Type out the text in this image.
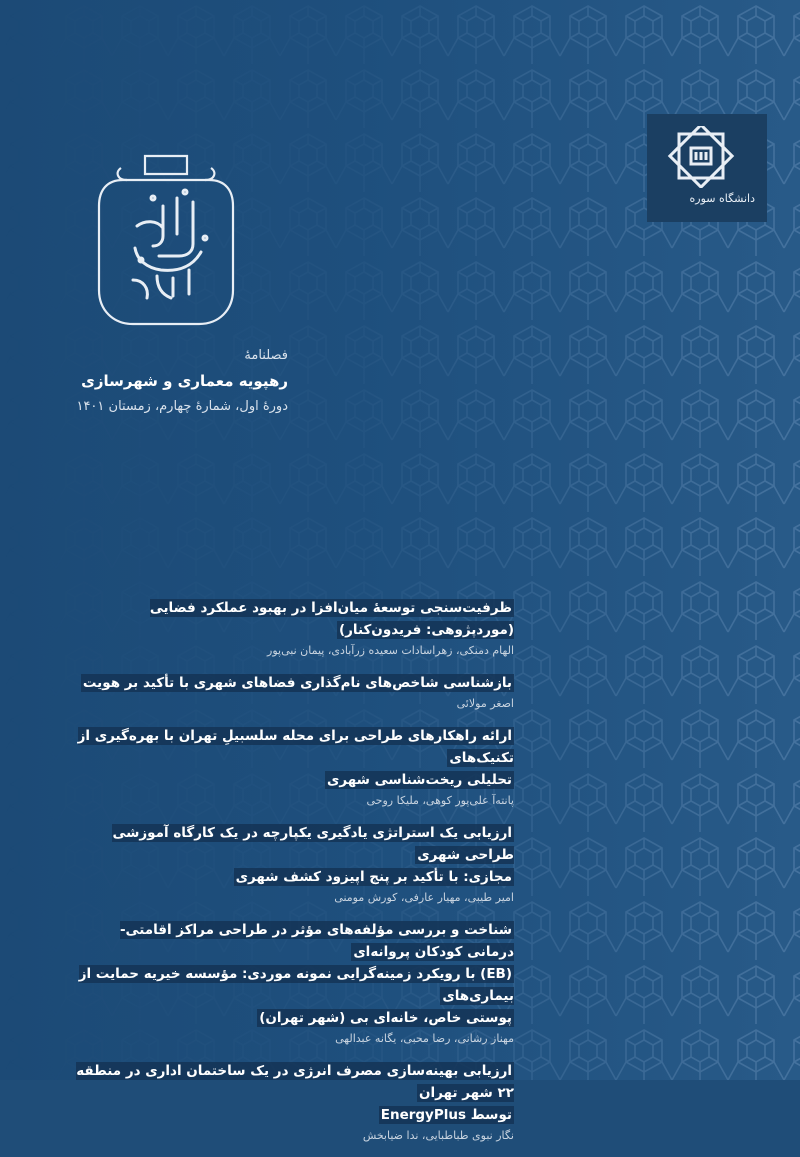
دانشگاه سوره
فصلنامهٔ
رهپویه معماری و شهرسازی
دورهٔ اول، شمارهٔ چهارم، زمستان ۱۴۰۱
ظرفیت‌سنجی توسعهٔ میان‌افزا در بهبود عملکرد فضایی (موردپژوهی: فریدون‌کنار)
الهام دمنکی، زهراسادات سعیده زرآبادی، پیمان نبی‌پور
بازشناسی شاخص‌های نام‌گذاری فضاهای شهری با تأکید بر هویت
اصغر مولائی
ارائه راهکارهای طراحی برای محله سلسبیلِ تهران با بهره‌گیری از تکنیک‌های
تحلیلی ریخت‌شناسی شهری
پانته‌آ علی‌پور کوهی، ملیکا روحی
ارزیابی یک استراتژی یادگیری یکپارچه در یک کارگاه آموزشی طراحی شهری
مجازی: با تأکید بر پنج اپیزود کشف شهری
امیر طیبی، مهیار عارفی، کورش مومنی
شناخت و بررسی مؤلفه‌های مؤثر در طراحی مراکز اقامتی-درمانی کودکان پروانه‌ای
(EB) با رویکرد زمینه‌گرایی نمونه موردی: مؤسسه خیریه حمایت از بیماری‌های
پوستی خاص، خانه‌ای بی (شهر تهران)
مهناز رشانی، رضا محبی، یگانه عبدالهی
ارزیابی بهینه‌سازی مصرف انرژی در یک ساختمان اداری در منطقه ۲۲ شهر تهران
توسط EnergyPlus
نگار نبوی طباطبایی، ندا ضیابخش
